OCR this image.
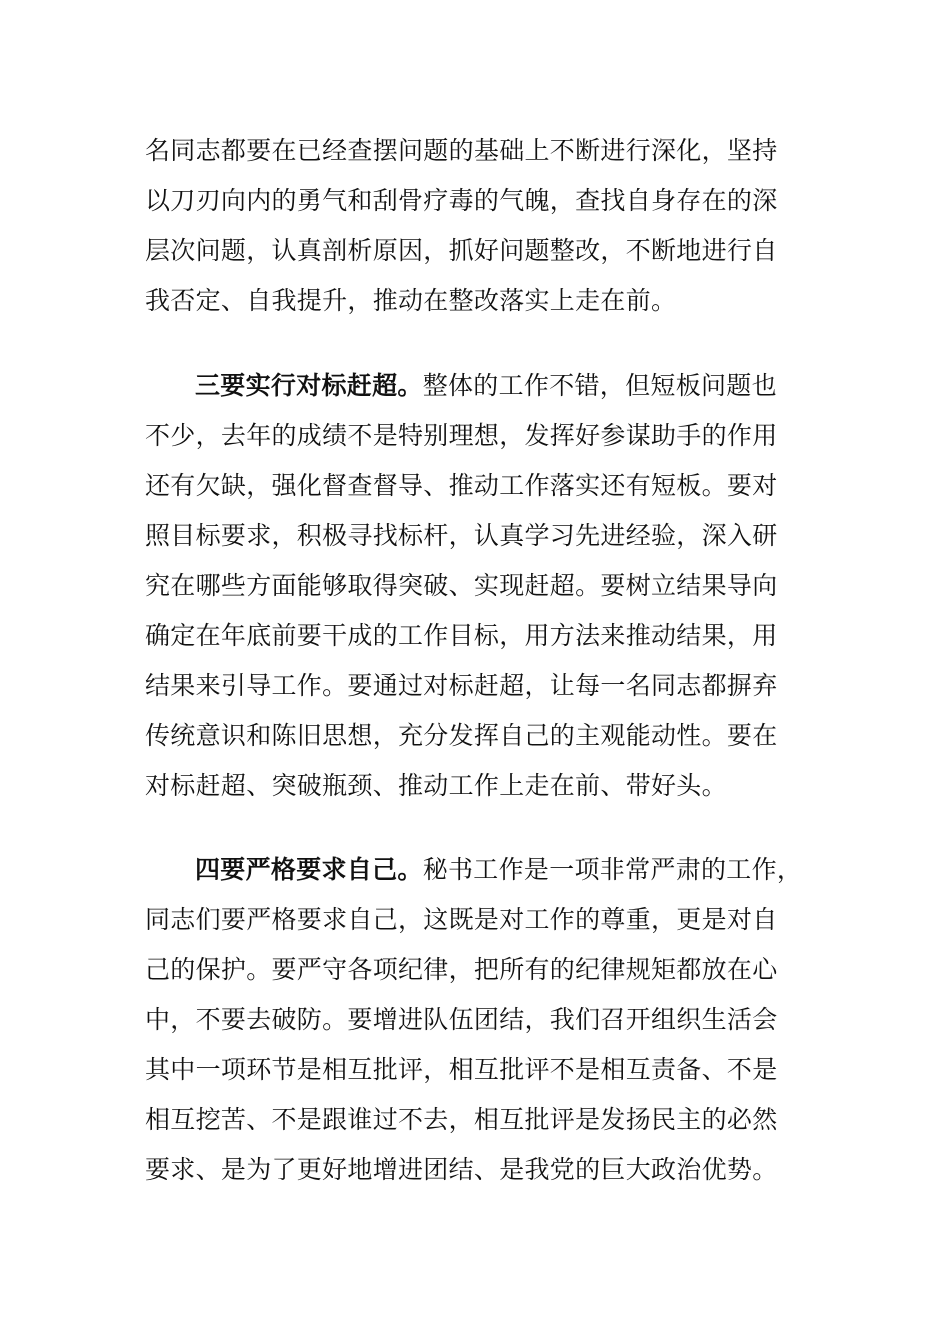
名同志都要在已经查摆问题的基础上不断进行深化，坚持
以刀刃向内的勇气和刮骨疗毒的气魄，查找自身存在的深
层次问题，认真剖析原因，抓好问题整改，不断地进行自
我否定、自我提升，推动在整改落实上走在前。
三要实行对标赶超。整体的工作不错，但短板问题也
不少，去年的成绩不是特别理想，发挥好参谋助手的作用
还有欠缺，强化督查督导、推动工作落实还有短板。要对
照目标要求，积极寻找标杆，认真学习先进经验，深入研
究在哪些方面能够取得突破、实现赶超。要树立结果导向
确定在年底前要干成的工作目标，用方法来推动结果，用
结果来引导工作。要通过对标赶超，让每一名同志都摒弃
传统意识和陈旧思想，充分发挥自己的主观能动性。要在
对标赶超、突破瓶颈、推动工作上走在前、带好头。
四要严格要求自己。秘书工作是一项非常严肃的工作，
同志们要严格要求自己，这既是对工作的尊重，更是对自
己的保护。要严守各项纪律，把所有的纪律规矩都放在心
中，不要去破防。要增进队伍团结，我们召开组织生活会
其中一项环节是相互批评，相互批评不是相互责备、不是
相互挖苦、不是跟谁过不去，相互批评是发扬民主的必然
要求、是为了更好地增进团结、是我党的巨大政治优势。
